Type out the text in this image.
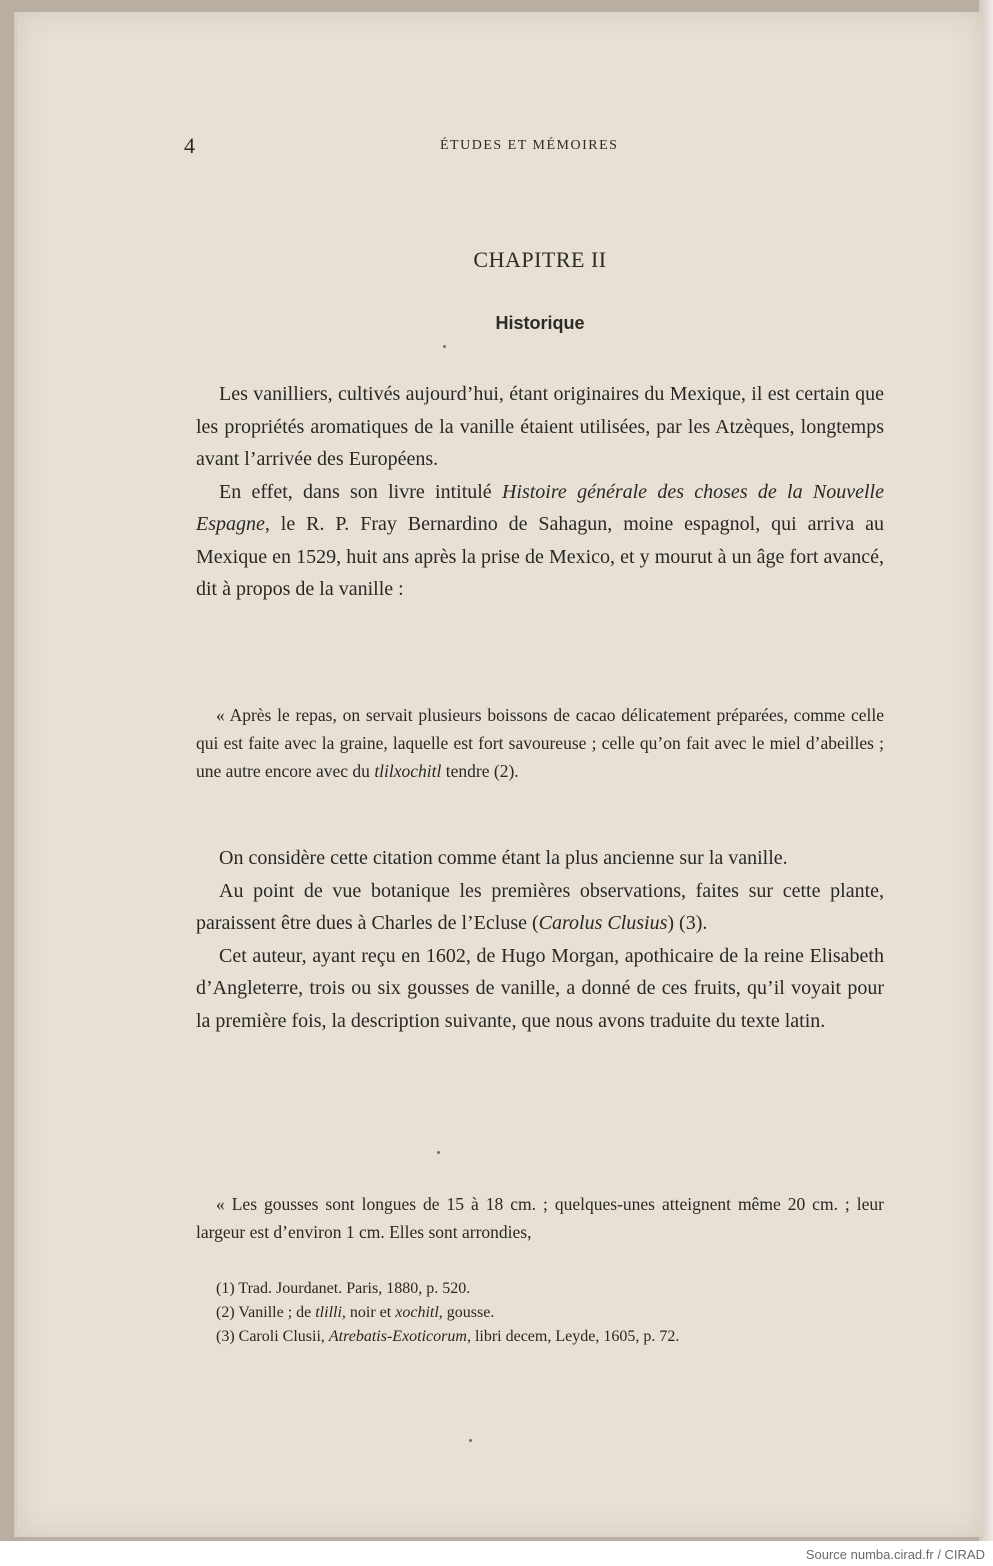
4	ÉTUDES ET MÉMOIRES
CHAPITRE II
Historique

Les vanilliers, cultivés aujourd’hui, étant originaires du Mexique, il est certain que les propriétés aromatiques de la vanille étaient utilisées, par les Atzèques, longtemps avant l’arrivée des Européens.

En effet, dans son livre intitulé Histoire générale des choses de la Nouvelle Espagne, le R. P. Fray Bernardino de Sahagun, moine espagnol, qui arriva au Mexique en 1529, huit ans après la prise de Mexico, et y mourut à un âge fort avancé, dit à propos de la vanille :

« Après le repas, on servait plusieurs boissons de cacao délicatement préparées, comme celle qui est faite avec la graine, laquelle est fort savoureuse ; celle qu’on fait avec le miel d’abeilles ; une autre encore avec du tlilxochitl tendre (2).

On considère cette citation comme étant la plus ancienne sur la vanille.

Au point de vue botanique les premières observations, faites sur cette plante, paraissent être dues à Charles de l’Ecluse (Carolus Clusius) (3).

Cet auteur, ayant reçu en 1602, de Hugo Morgan, apothicaire de la reine Elisabeth d’Angleterre, trois ou six gousses de vanille, a donné de ces fruits, qu’il voyait pour la première fois, la description suivante, que nous avons traduite du texte latin.

« Les gousses sont longues de 15 à 18 cm. ; quelques-unes atteignent même 20 cm. ; leur largeur est d’environ 1 cm. Elles sont arrondies,

(1) Trad. Jourdanet. Paris, 1880, p. 520.
(2) Vanille ; de tlilli, noir et xochitl, gousse.
(3) Caroli Clusii, Atrebatis-Exoticorum, libri decem, Leyde, 1605, p. 72.
Source numba.cirad.fr / CIRAD
